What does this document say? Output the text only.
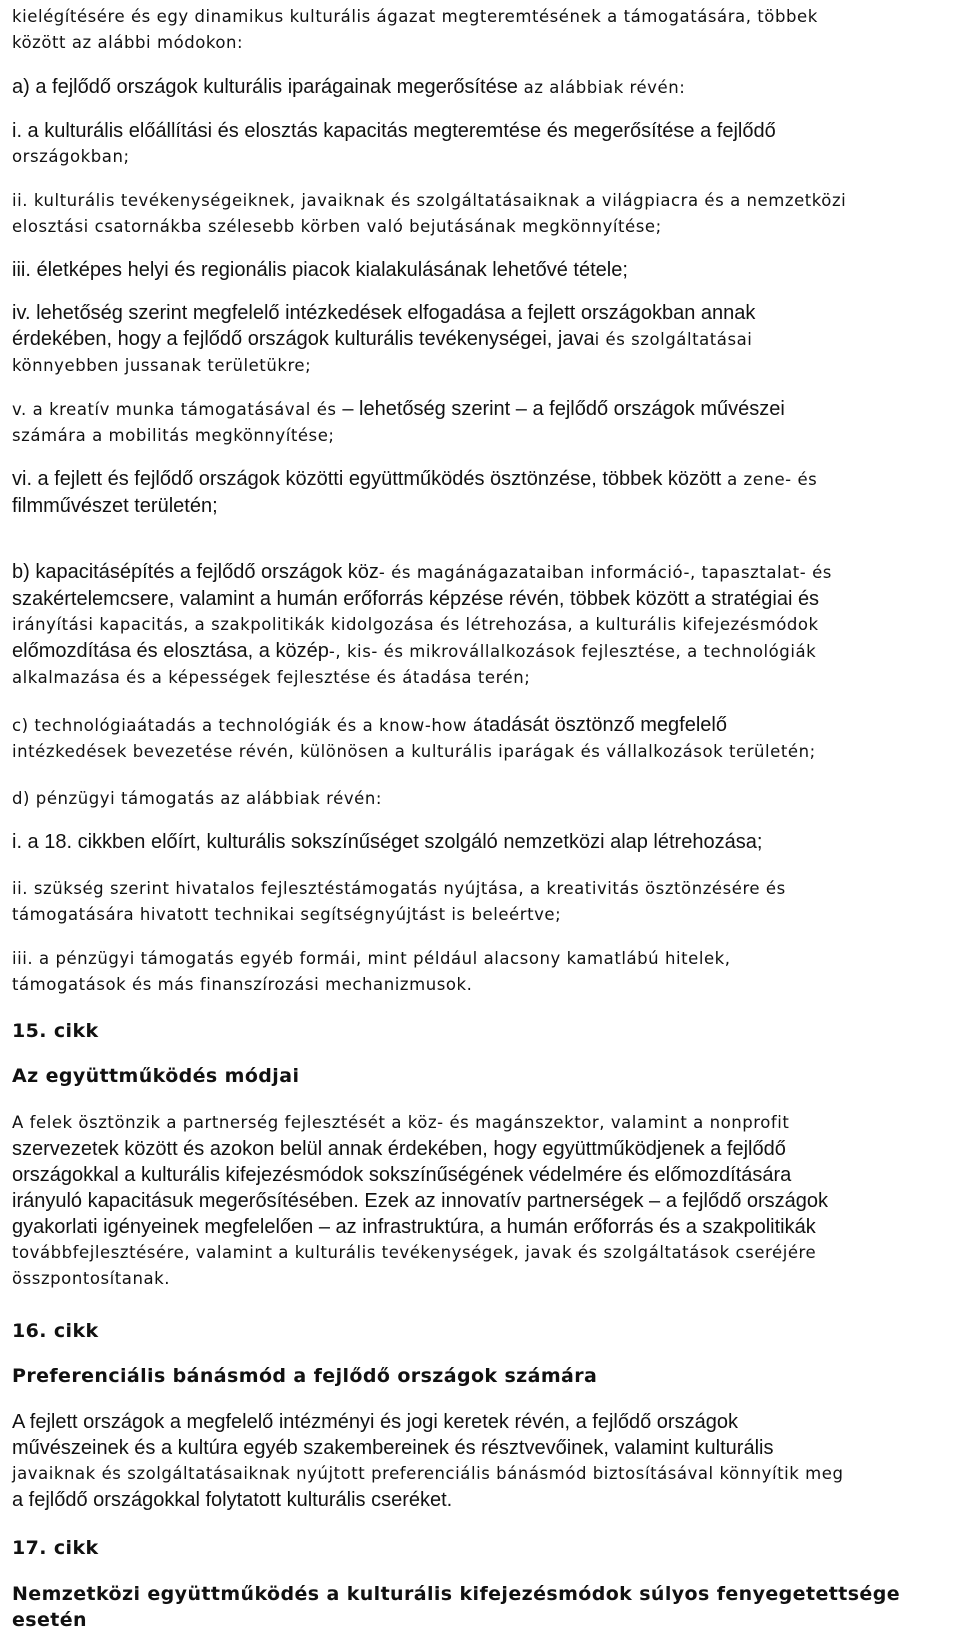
kielégítésére és egy dinamikus kulturális ágazat megteremtésének a támogatására, többek
között az alábbi módokon:

a) a fejlődő országok kulturális iparágainak megerősítése az alábbiak révén:

i. a kulturális előállítási és elosztás kapacitás megteremtése és megerősítése a fejlődő
országokban;

ii. kulturális tevékenységeiknek, javaiknak és szolgáltatásaiknak a világpiacra és a nemzetközi
elosztási csatornákba szélesebb körben való bejutásának megkönnyítése;

iii. életképes helyi és regionális piacok kialakulásának lehetővé tétele;

iv. lehetőség szerint megfelelő intézkedések elfogadása a fejlett országokban annak
érdekében, hogy a fejlődő országok kulturális tevékenységei, javai és szolgáltatásai
könnyebben jussanak területükre;

v. a kreatív munka támogatásával és – lehetőség szerint – a fejlődő országok művészei
számára a mobilitás megkönnyítése;

vi. a fejlett és fejlődő országok közötti együttműködés ösztönzése, többek között a zene- és
filmművészet területén;

b) kapacitásépítés a fejlődő országok köz- és magánágazataiban információ-, tapasztalat- és
szakértelemcsere, valamint a humán erőforrás képzése révén, többek között a stratégiai és
irányítási kapacitás, a szakpolitikák kidolgozása és létrehozása, a kulturális kifejezésmódok
előmozdítása és elosztása, a közép-, kis- és mikrovállalkozások fejlesztése, a technológiák
alkalmazása és a képességek fejlesztése és átadása terén;

c) technológiaátadás a technológiák és a know-how átadását ösztönző megfelelő
intézkedések bevezetése révén, különösen a kulturális iparágak és vállalkozások területén;

d) pénzügyi támogatás az alábbiak révén:

i. a 18. cikkben előírt, kulturális sokszínűséget szolgáló nemzetközi alap létrehozása;

ii. szükség szerint hivatalos fejlesztéstámogatás nyújtása, a kreativitás ösztönzésére és
támogatására hivatott technikai segítségnyújtást is beleértve;

iii. a pénzügyi támogatás egyéb formái, mint például alacsony kamatlábú hitelek,
támogatások és más finanszírozási mechanizmusok.

15. cikk
Az együttműködés módjai

A felek ösztönzik a partnerség fejlesztését a köz- és magánszektor, valamint a nonprofit
szervezetek között és azokon belül annak érdekében, hogy együttműködjenek a fejlődő
országokkal a kulturális kifejezésmódok sokszínűségének védelmére és előmozdítására
irányuló kapacitásuk megerősítésében. Ezek az innovatív partnerségek – a fejlődő országok
gyakorlati igényeinek megfelelően – az infrastruktúra, a humán erőforrás és a szakpolitikák
továbbfejlesztésére, valamint a kulturális tevékenységek, javak és szolgáltatások cseréjére
összpontosítanak.

16. cikk
Preferenciális bánásmód a fejlődő országok számára

A fejlett országok a megfelelő intézményi és jogi keretek révén, a fejlődő országok
művészeinek és a kultúra egyéb szakembereinek és résztvevőinek, valamint kulturális
javaiknak és szolgáltatásaiknak nyújtott preferenciális bánásmód biztosításával könnyítik meg
a fejlődő országokkal folytatott kulturális cseréket.

17. cikk
Nemzetközi együttműködés a kulturális kifejezésmódok súlyos fenyegetettsége
esetén
